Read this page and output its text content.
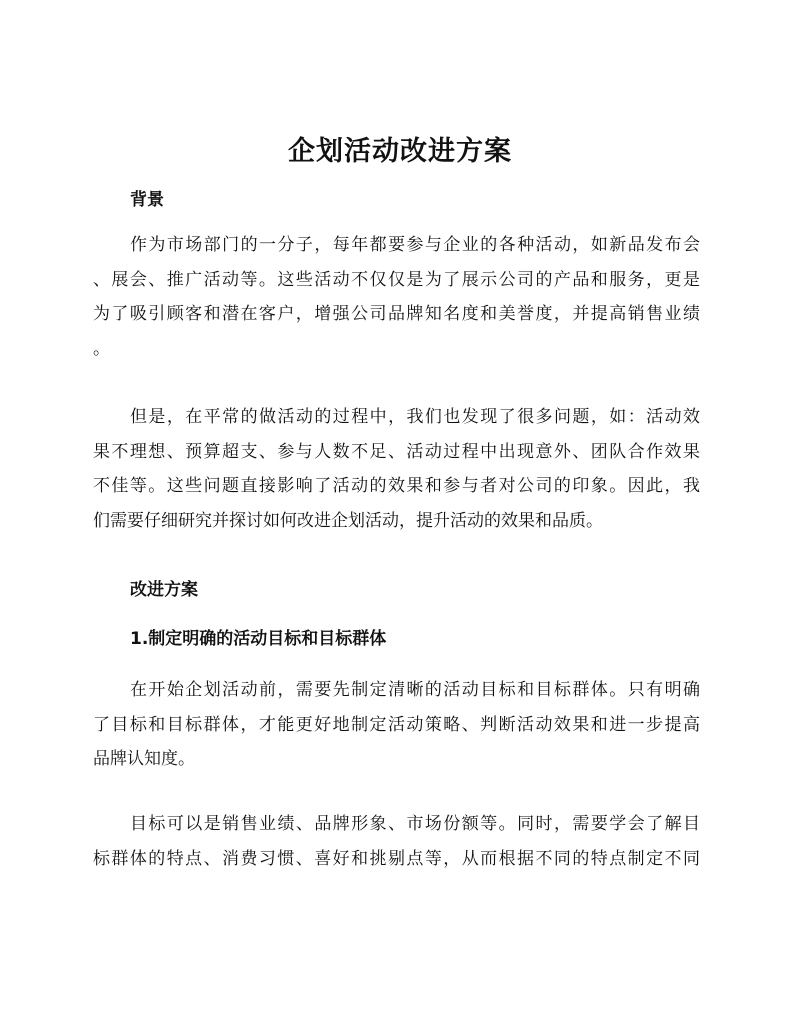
企划活动改进方案
背景
作为市场部门的一分子，每年都要参与企业的各种活动，如新品发布会
、展会、推广活动等。这些活动不仅仅是为了展示公司的产品和服务，更是
为了吸引顾客和潜在客户，增强公司品牌知名度和美誉度，并提高销售业绩
。
但是，在平常的做活动的过程中，我们也发现了很多问题，如：活动效
果不理想、预算超支、参与人数不足、活动过程中出现意外、团队合作效果
不佳等。这些问题直接影响了活动的效果和参与者对公司的印象。因此，我
们需要仔细研究并探讨如何改进企划活动，提升活动的效果和品质。
改进方案
1.制定明确的活动目标和目标群体
在开始企划活动前，需要先制定清晰的活动目标和目标群体。只有明确
了目标和目标群体，才能更好地制定活动策略、判断活动效果和进一步提高
品牌认知度。
目标可以是销售业绩、品牌形象、市场份额等。同时，需要学会了解目
标群体的特点、消费习惯、喜好和挑剔点等，从而根据不同的特点制定不同
